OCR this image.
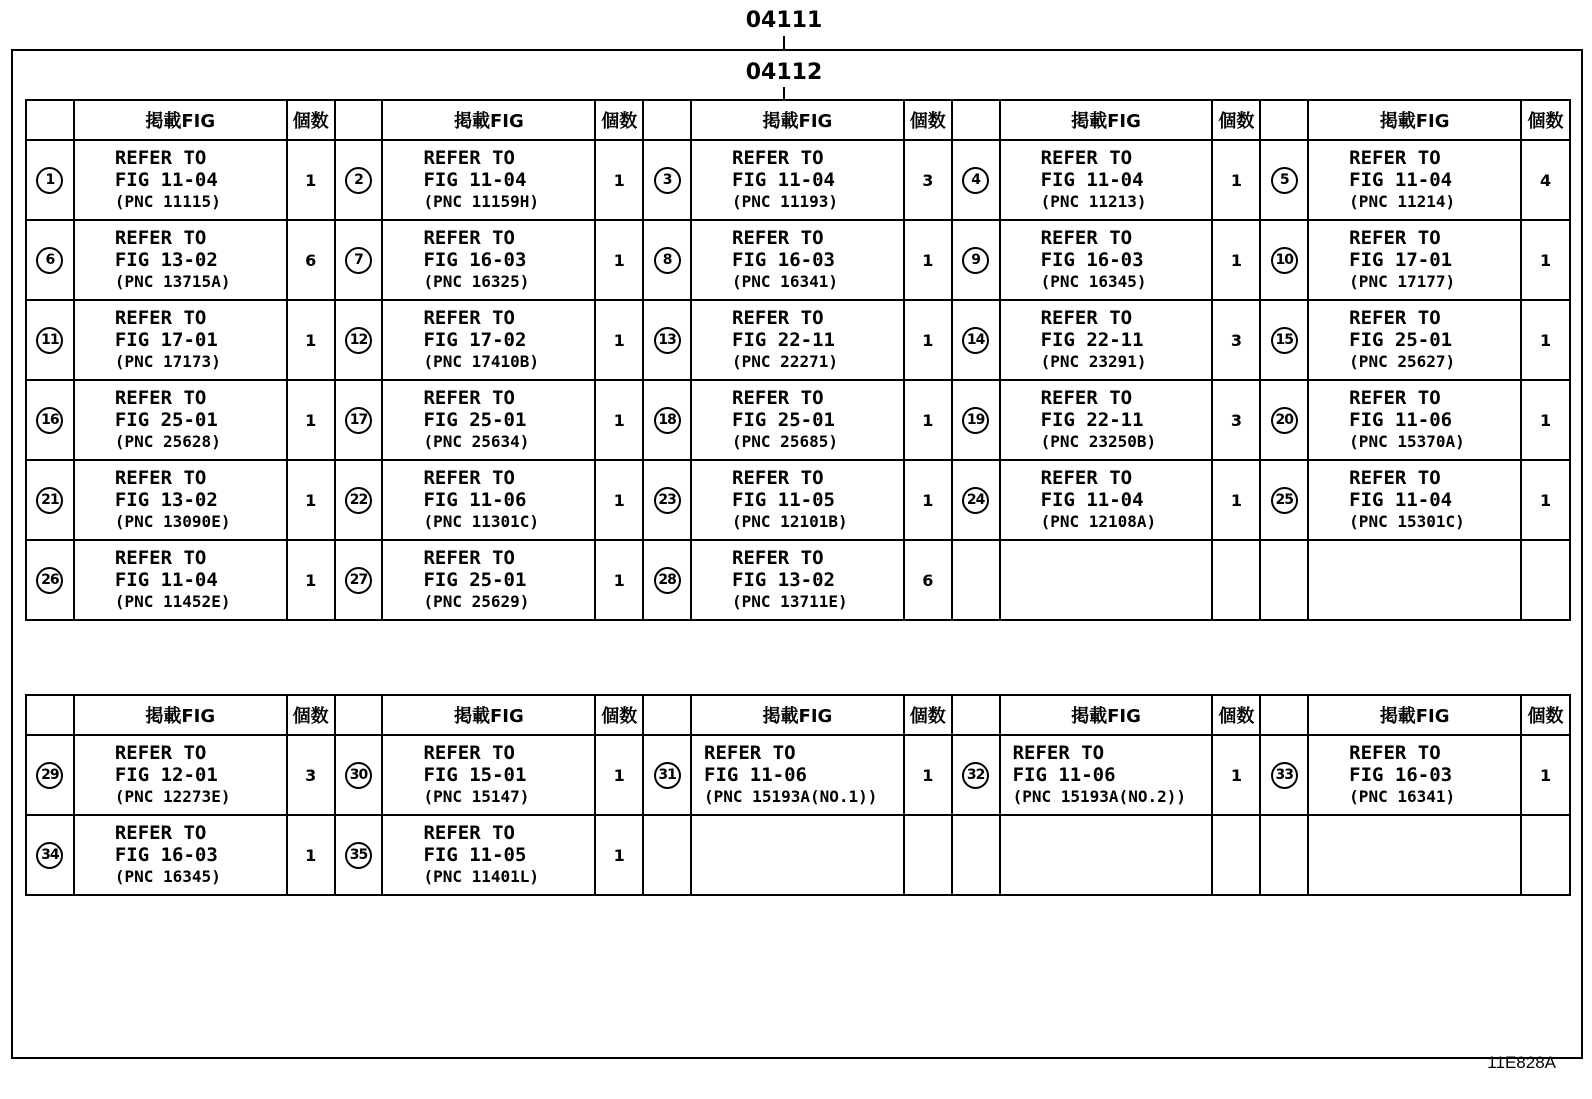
04111
04112
	掲載FIG	個数		掲載FIG	個数		掲載FIG	個数		掲載FIG	個数		掲載FIG	個数
1	REFER TO
FIG 11-04
(PNC 11115)	1	2	REFER TO
FIG 11-04
(PNC 11159H)	1	3	REFER TO
FIG 11-04
(PNC 11193)	3	4	REFER TO
FIG 11-04
(PNC 11213)	1	5	REFER TO
FIG 11-04
(PNC 11214)	4
6	REFER TO
FIG 13-02
(PNC 13715A)	6	7	REFER TO
FIG 16-03
(PNC 16325)	1	8	REFER TO
FIG 16-03
(PNC 16341)	1	9	REFER TO
FIG 16-03
(PNC 16345)	1	10	REFER TO
FIG 17-01
(PNC 17177)	1
11	REFER TO
FIG 17-01
(PNC 17173)	1	12	REFER TO
FIG 17-02
(PNC 17410B)	1	13	REFER TO
FIG 22-11
(PNC 22271)	1	14	REFER TO
FIG 22-11
(PNC 23291)	3	15	REFER TO
FIG 25-01
(PNC 25627)	1
16	REFER TO
FIG 25-01
(PNC 25628)	1	17	REFER TO
FIG 25-01
(PNC 25634)	1	18	REFER TO
FIG 25-01
(PNC 25685)	1	19	REFER TO
FIG 22-11
(PNC 23250B)	3	20	REFER TO
FIG 11-06
(PNC 15370A)	1
21	REFER TO
FIG 13-02
(PNC 13090E)	1	22	REFER TO
FIG 11-06
(PNC 11301C)	1	23	REFER TO
FIG 11-05
(PNC 12101B)	1	24	REFER TO
FIG 11-04
(PNC 12108A)	1	25	REFER TO
FIG 11-04
(PNC 15301C)	1
26	REFER TO
FIG 11-04
(PNC 11452E)	1	27	REFER TO
FIG 25-01
(PNC 25629)	1	28	REFER TO
FIG 13-02
(PNC 13711E)	6						
	掲載FIG	個数		掲載FIG	個数		掲載FIG	個数		掲載FIG	個数		掲載FIG	個数
29	REFER TO
FIG 12-01
(PNC 12273E)	3	30	REFER TO
FIG 15-01
(PNC 15147)	1	31	REFER TO
FIG 11-06
(PNC 15193A(NO.1))	1	32	REFER TO
FIG 11-06
(PNC 15193A(NO.2))	1	33	REFER TO
FIG 16-03
(PNC 16341)	1
34	REFER TO
FIG 16-03
(PNC 16345)	1	35	REFER TO
FIG 11-05
(PNC 11401L)	1									
11E828A
